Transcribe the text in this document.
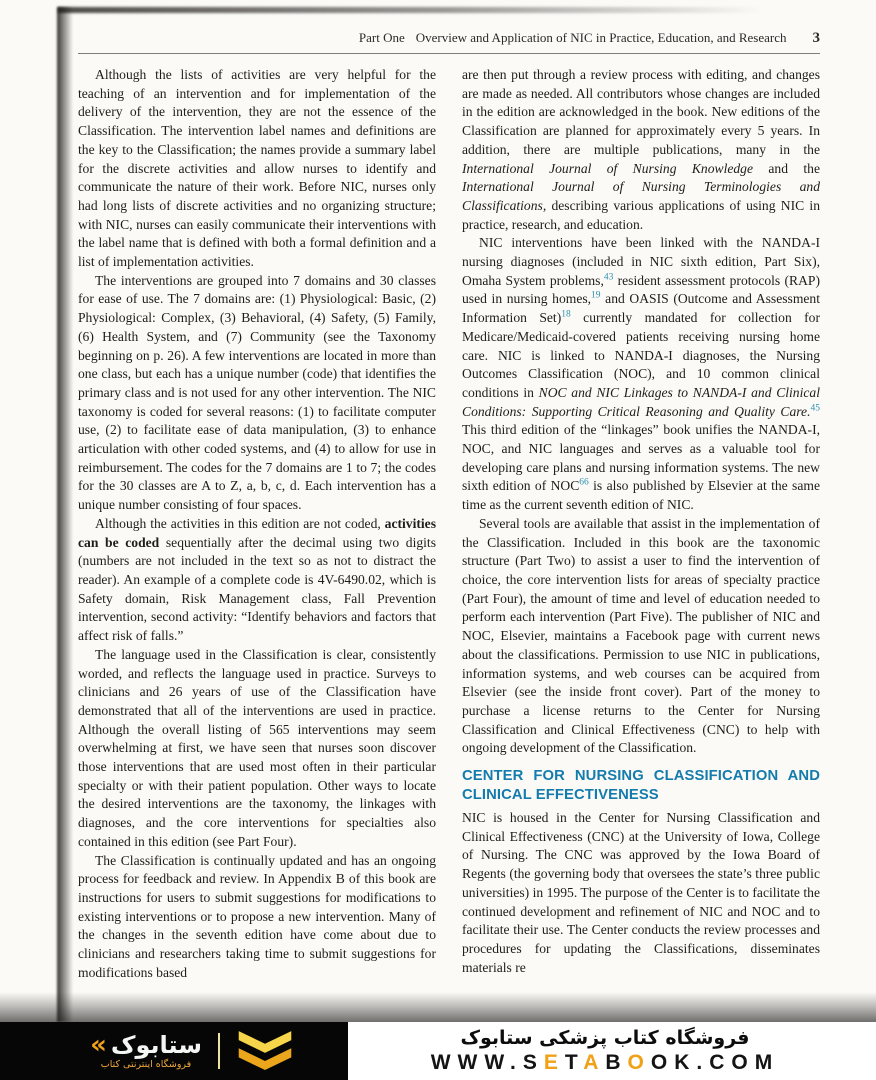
Part One Overview and Application of NIC in Practice, Education, and Research 3

Although the lists of activities are very helpful for the teaching of an intervention and for implementation of the delivery of the intervention, they are not the essence of the Classification. The intervention label names and definitions are the key to the Classification; the names provide a summary label for the discrete activities and allow nurses to identify and communicate the nature of their work. Before NIC, nurses only had long lists of discrete activities and no organizing structure; with NIC, nurses can easily communicate their interventions with the label name that is defined with both a formal definition and a list of implementation activities.

The interventions are grouped into 7 domains and 30 classes for ease of use. The 7 domains are: (1) Physiological: Basic, (2) Physiological: Complex, (3) Behavioral, (4) Safety, (5) Family, (6) Health System, and (7) Community (see the Taxonomy beginning on p. 26). A few interventions are located in more than one class, but each has a unique number (code) that identifies the primary class and is not used for any other intervention. The NIC taxonomy is coded for several reasons: (1) to facilitate computer use, (2) to facilitate ease of data manipulation, (3) to enhance articulation with other coded systems, and (4) to allow for use in reimbursement. The codes for the 7 domains are 1 to 7; the codes for the 30 classes are A to Z, a, b, c, d. Each intervention has a unique number consisting of four spaces.

Although the activities in this edition are not coded, activities can be coded sequentially after the decimal using two digits (numbers are not included in the text so as not to distract the reader). An example of a complete code is 4V-6490.02, which is Safety domain, Risk Management class, Fall Prevention intervention, second activity: “Identify behaviors and factors that affect risk of falls.”

The language used in the Classification is clear, consistently worded, and reflects the language used in practice. Surveys to clinicians and 26 years of use of the Classification have demonstrated that all of the interventions are used in practice. Although the overall listing of 565 interventions may seem overwhelming at first, we have seen that nurses soon discover those interventions that are used most often in their particular specialty or with their patient population. Other ways to locate the desired interventions are the taxonomy, the linkages with diagnoses, and the core interventions for specialties also contained in this edition (see Part Four).

The Classification is continually updated and has an ongoing process for feedback and review. In Appendix B of this book are instructions for users to submit suggestions for modifications to existing interventions or to propose a new intervention. Many of the changes in the seventh edition have come about due to clinicians and researchers taking time to submit suggestions for modifications based

are then put through a review process with editing, and changes are made as needed. All contributors whose changes are included in the edition are acknowledged in the book. New editions of the Classification are planned for approximately every 5 years. In addition, there are multiple publications, many in the International Journal of Nursing Knowledge and the International Journal of Nursing Terminologies and Classifications, describing various applications of using NIC in practice, research, and education.

NIC interventions have been linked with the NANDA-I nursing diagnoses (included in NIC sixth edition, Part Six), Omaha System problems,$^{43}$ resident assessment protocols (RAP) used in nursing homes,$^{19}$ and OASIS (Outcome and Assessment Information Set)$^{18}$ currently mandated for collection for Medicare/Medicaid-covered patients receiving nursing home care. NIC is linked to NANDA-I diagnoses, the Nursing Outcomes Classification (NOC), and 10 common clinical conditions in NOC and NIC Linkages to NANDA-I and Clinical Conditions: Supporting Critical Reasoning and Quality Care.$^{45}$ This third edition of the “linkages” book unifies the NANDA-I, NOC, and NIC languages and serves as a valuable tool for developing care plans and nursing information systems. The new sixth edition of NOC$^{66}$ is also published by Elsevier at the same time as the current seventh edition of NIC.

Several tools are available that assist in the implementation of the Classification. Included in this book are the taxonomic structure (Part Two) to assist a user to find the intervention of choice, the core intervention lists for areas of specialty practice (Part Four), the amount of time and level of education needed to perform each intervention (Part Five). The publisher of NIC and NOC, Elsevier, maintains a Facebook page with current news about the classifications. Permission to use NIC in publications, information systems, and web courses can be acquired from Elsevier (see the inside front cover). Part of the money to purchase a license returns to the Center for Nursing Classification and Clinical Effectiveness (CNC) to help with ongoing development of the Classification.

CENTER FOR NURSING CLASSIFICATION AND CLINICAL EFFECTIVENESS

NIC is housed in the Center for Nursing Classification and Clinical Effectiveness (CNC) at the University of Iowa, College of Nursing. The CNC was approved by the Iowa Board of Regents (the governing body that oversees the state’s three public universities) in 1995. The purpose of the Center is to facilitate the continued development and refinement of NIC and NOC and to facilitate their use. The Center conducts the review processes and procedures for updating the Classifications, disseminates materials re

« ستابوک
فروشگاه اینترنتی کتاب
فروشگاه کتاب پزشکی ستابوک
WWW.SETABOOK.COM
